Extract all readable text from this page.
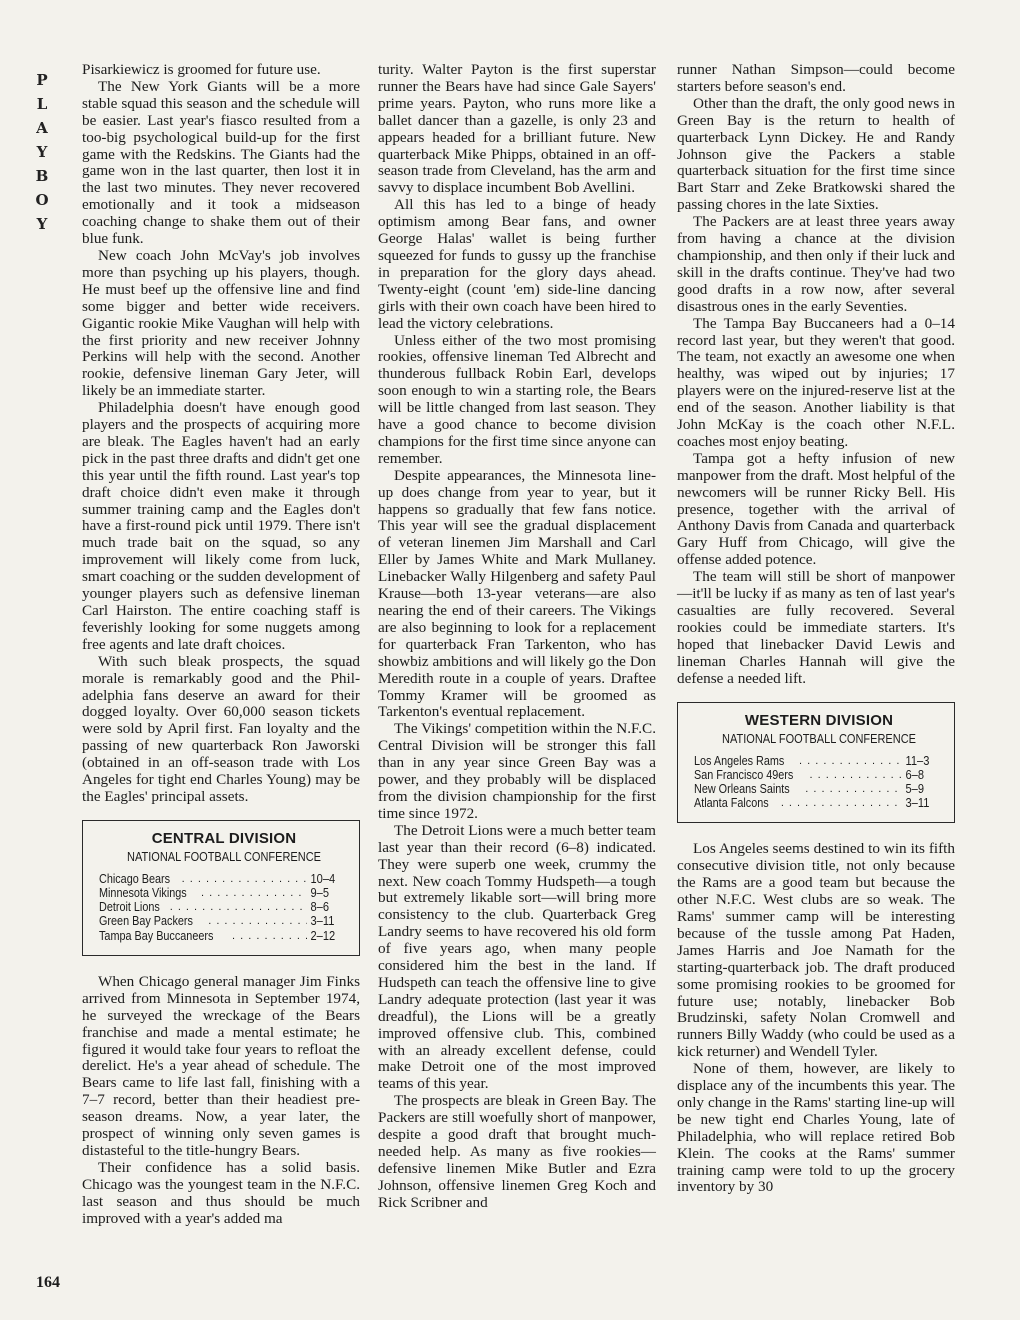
P
L
A
Y
B
O
Y
164

Pisarkiewicz is groomed for future use.

The New York Giants will be a more stable squad this season and the schedule will be easier. Last year's fiasco resulted from a too-big psychological build-up for the first game with the Redskins. The Giants had the game won in the last quarter, then lost it in the last two minutes. They never recovered emotionally and it took a midseason coaching change to shake them out of their blue funk.

New coach John McVay's job involves more than psyching up his players, though. He must beef up the offensive line and find some bigger and better wide receivers. Gigantic rookie Mike Vaughan will help with the first priority and new receiver Johnny Perkins will help with the second. Another rookie, defensive lineman Gary Jeter, will likely be an immediate starter.

Philadelphia doesn't have enough good players and the prospects of acquiring more are bleak. The Eagles haven't had an early pick in the past three drafts and didn't get one this year until the fifth round. Last year's top draft choice didn't even make it through summer training camp and the Eagles don't have a first-round pick until 1979. There isn't much trade bait on the squad, so any improvement will likely come from luck, smart coaching or the sudden development of younger players such as defensive lineman Carl Hairston. The entire coaching staff is feverishly looking for some nuggets among free agents and late draft choices.

With such bleak prospects, the squad morale is remarkably good and the Philadelphia fans deserve an award for their dogged loyalty. Over 60,000 season tickets were sold by April first. Fan loyalty and the passing of new quarterback Ron Jaworski (obtained in an off-season trade with Los Angeles for tight end Charles Young) may be the Eagles' principal assets.

CENTRAL DIVISION
NATIONAL FOOTBALL CONFERENCE
Chicago Bears . . .	10–4
Minnesota Vikings . . .	9–5
Detroit Lions . . .	8–6
Green Bay Packers . . .	3–11
Tampa Bay Buccaneers . . .	2–12

When Chicago general manager Jim Finks arrived from Minnesota in September 1974, he surveyed the wreckage of the Bears franchise and made a mental estimate; he figured it would take four years to refloat the derelict. He's a year ahead of schedule. The Bears came to life last fall, finishing with a 7–7 record, better than their headiest pre-season dreams. Now, a year later, the prospect of winning only seven games is distasteful to the title-hungry Bears.

Their confidence has a solid basis. Chicago was the youngest team in the N.F.C. last season and thus should be much improved with a year's added ma

turity. Walter Payton is the first superstar runner the Bears have had since Gale Sayers' prime years. Payton, who runs more like a ballet dancer than a gazelle, is only 23 and appears headed for a brilliant future. New quarterback Mike Phipps, obtained in an off-season trade from Cleveland, has the arm and savvy to displace incumbent Bob Avellini.

All this has led to a binge of heady optimism among Bear fans, and owner George Halas' wallet is being further squeezed for funds to gussy up the franchise in preparation for the glory days ahead. Twenty-eight (count 'em) side-line dancing girls with their own coach have been hired to lead the victory celebrations.

Unless either of the two most promising rookies, offensive lineman Ted Albrecht and thunderous fullback Robin Earl, develops soon enough to win a starting role, the Bears will be little changed from last season. They have a good chance to become division champions for the first time since anyone can remember.

Despite appearances, the Minnesota line-up does change from year to year, but it happens so gradually that few fans notice. This year will see the gradual displacement of veteran linemen Jim Marshall and Carl Eller by James White and Mark Mullaney. Linebacker Wally Hilgenberg and safety Paul Krause—both 13-year veterans—are also nearing the end of their careers. The Vikings are also beginning to look for a replacement for quarterback Fran Tarkenton, who has showbiz ambitions and will likely go the Don Meredith route in a couple of years. Draftee Tommy Kramer will be groomed as Tarkenton's eventual replacement.

The Vikings' competition within the N.F.C. Central Division will be stronger this fall than in any year since Green Bay was a power, and they probably will be displaced from the division championship for the first time since 1972.

The Detroit Lions were a much better team last year than their record (6–8) indicated. They were superb one week, crummy the next. New coach Tommy Hudspeth—a tough but extremely likable sort—will bring more consistency to the club. Quarterback Greg Landry seems to have recovered his old form of five years ago, when many people considered him the best in the land. If Hudspeth can teach the offensive line to give Landry adequate protection (last year it was dreadful), the Lions will be a greatly improved offensive club. This, combined with an already excellent defense, could make Detroit one of the most improved teams of this year.

The prospects are bleak in Green Bay. The Packers are still woefully short of manpower, despite a good draft that brought much-needed help. As many as five rookies—defensive linemen Mike Butler and Ezra Johnson, offensive linemen Greg Koch and Rick Scribner and

runner Nathan Simpson—could become starters before season's end.

Other than the draft, the only good news in Green Bay is the return to health of quarterback Lynn Dickey. He and Randy Johnson give the Packers a stable quarterback situation for the first time since Bart Starr and Zeke Bratkowski shared the passing chores in the late Sixties.

The Packers are at least three years away from having a chance at the division championship, and then only if their luck and skill in the drafts continue. They've had two good drafts in a row now, after several disastrous ones in the early Seventies.

The Tampa Bay Buccaneers had a 0–14 record last year, but they weren't that good. The team, not exactly an awesome one when healthy, was wiped out by injuries; 17 players were on the injured-reserve list at the end of the season. Another liability is that John McKay is the coach other N.F.L. coaches most enjoy beating.

Tampa got a hefty infusion of new manpower from the draft. Most helpful of the newcomers will be runner Ricky Bell. His presence, together with the arrival of Anthony Davis from Canada and quarterback Gary Huff from Chicago, will give the offense added potence.

The team will still be short of manpower—it'll be lucky if as many as ten of last year's casualties are fully recovered. Several rookies could be immediate starters. It's hoped that linebacker David Lewis and lineman Charles Hannah will give the defense a needed lift.

WESTERN DIVISION
NATIONAL FOOTBALL CONFERENCE
Los Angeles Rams . . .	11–3
San Francisco 49ers . . .	6–8
New Orleans Saints . . .	5–9
Atlanta Falcons . . .	3–11

Los Angeles seems destined to win its fifth consecutive division title, not only because the Rams are a good team but because the other N.F.C. West clubs are so weak. The Rams' summer camp will be interesting because of the tussle among Pat Haden, James Harris and Joe Namath for the starting-quarterback job. The draft produced some promising rookies to be groomed for future use; notably, linebacker Bob Brudzinski, safety Nolan Cromwell and runners Billy Waddy (who could be used as a kick returner) and Wendell Tyler.

None of them, however, are likely to displace any of the incumbents this year. The only change in the Rams' starting line-up will be new tight end Charles Young, late of Philadelphia, who will replace retired Bob Klein. The cooks at the Rams' summer training camp were told to up the grocery inventory by 30
